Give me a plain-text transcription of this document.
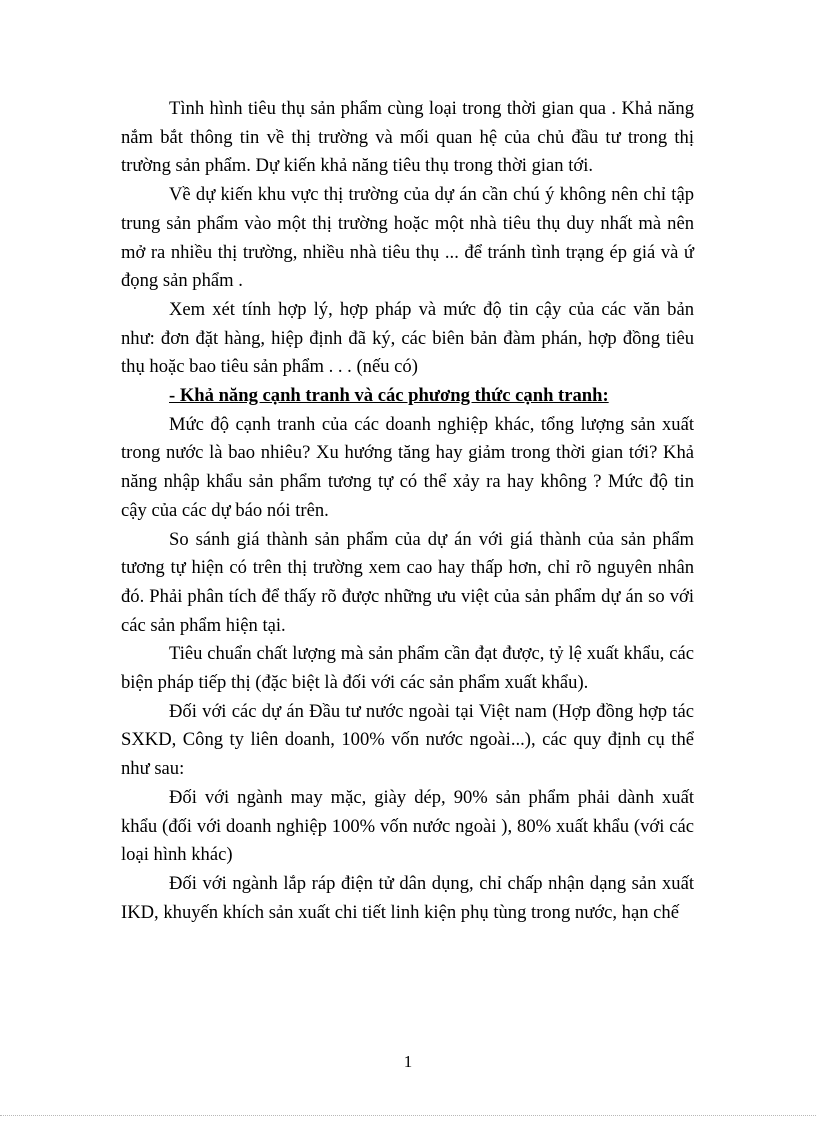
Tình hình tiêu thụ sản phẩm cùng loại trong thời gian qua . Khả năng nắm bắt thông tin về thị trường và mối quan hệ của chủ đầu tư trong thị trường sản phẩm. Dự kiến khả năng tiêu thụ trong thời gian tới.

Về dự kiến khu vực thị trường của dự án cần chú ý không nên chỉ tập trung sản phẩm vào một thị trường hoặc một nhà tiêu thụ duy nhất mà nên mở ra nhiều thị trường, nhiều nhà tiêu thụ ... để tránh tình trạng ép giá và ứ đọng sản phẩm .

Xem xét tính hợp lý, hợp pháp và mức độ tin cậy của các văn bản như: đơn đặt hàng, hiệp định đã ký, các biên bản đàm phán, hợp đồng tiêu thụ hoặc bao tiêu sản phẩm . . . (nếu có)

- Khả năng cạnh tranh và các phương thức cạnh tranh:

Mức độ cạnh tranh của các doanh nghiệp khác, tổng lượng sản xuất trong nước là bao nhiêu? Xu hướng tăng hay giảm trong thời gian tới? Khả năng nhập khẩu sản phẩm tương tự có thể xảy ra hay không ? Mức độ tin cậy của các dự báo nói trên.

So sánh giá thành sản phẩm của dự án với giá thành của sản phẩm tương tự hiện có trên thị trường xem cao hay thấp hơn, chỉ rõ nguyên nhân đó. Phải phân tích để thấy rõ được những ưu việt của sản phẩm dự án so với các sản phẩm hiện tại.

Tiêu chuẩn chất lượng mà sản phẩm cần đạt được, tỷ lệ xuất khẩu, các biện pháp tiếp thị (đặc biệt là đối với các sản phẩm xuất khẩu).

Đối với các dự án Đầu tư nước ngoài tại Việt nam (Hợp đồng hợp tác SXKD, Công ty liên doanh, 100% vốn nước ngoài...), các quy định cụ thể như sau:

Đối với ngành may mặc, giày dép, 90% sản phẩm phải dành xuất khẩu (đối với doanh nghiệp 100% vốn nước ngoài ), 80% xuất khẩu (với các loại hình khác)

Đối với ngành lắp ráp điện tử dân dụng, chỉ chấp nhận dạng sản xuất IKD, khuyến khích sản xuất chi tiết linh kiện phụ tùng trong nước, hạn chế

1
